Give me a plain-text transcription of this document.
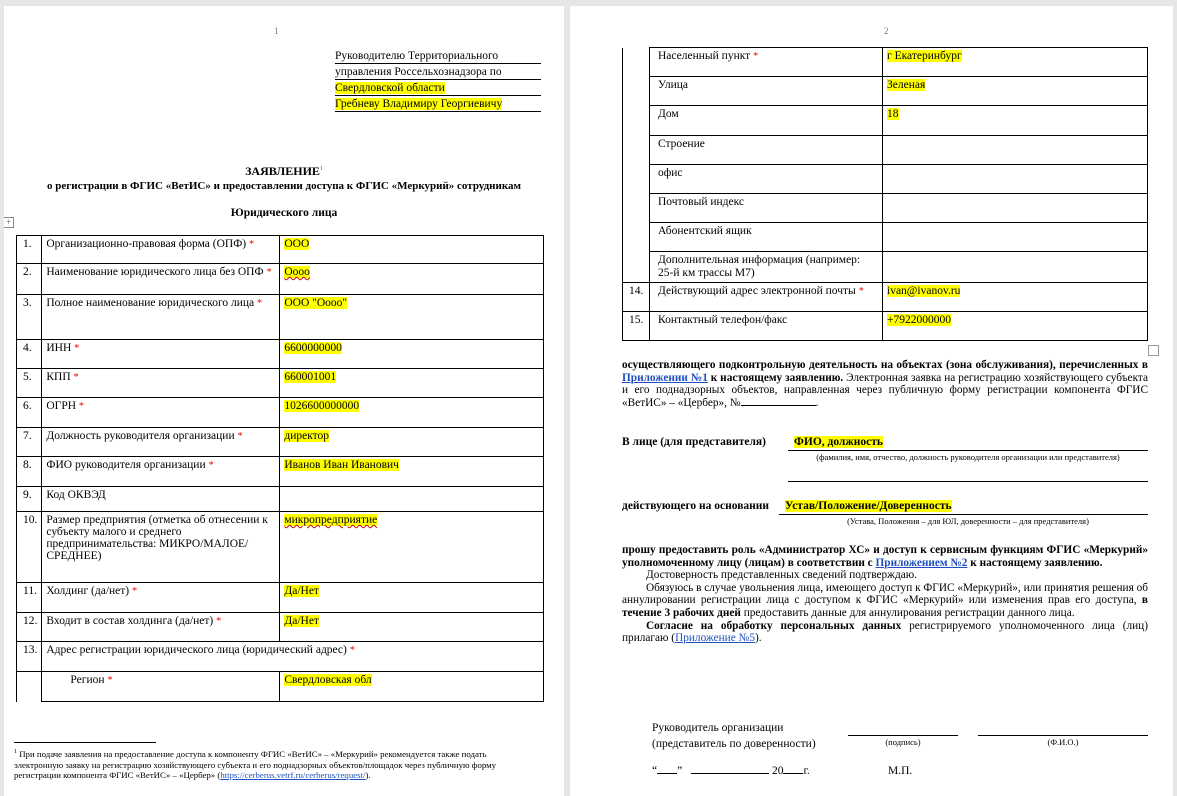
1
Руководителю Территориального
управления Россельхознадзора по
Свердловской области
Гребневу Владимиру Георгиевичу
ЗАЯВЛЕНИЕ$^1$
о регистрации в ФГИС «ВетИС» и предоставлении доступа к ФГИС «Меркурий» сотрудникам
Юридического лица
+
1.	Организационно-правовая форма (ОПФ) *	ООО
2.	Наименование юридического лица без ОПФ *	Оооо
3.	Полное наименование юридического лица *	ООО "Оооо"
4.	ИНН *	6600000000
5.	КПП *	660001001
6.	ОГРН *	1026600000000
7.	Должность руководителя организации *	директор
8.	ФИО руководителя организации *	Иванов Иван Иванович
9.	Код ОКВЭД	
10.	Размер предприятия (отметка об отнесении к субъекту малого и среднего предпринимательства: МИКРО/МАЛОЕ/СРЕДНЕЕ)	микропредприятие
11.	Холдинг (да/нет) *	Да/Нет
12.	Входит в состав холдинга (да/нет) *	Да/Нет
13.	Адрес регистрации юридического лица (юридический адрес) *	
	Регион *	Свердловская обл
$^1$ При подаче заявления на предоставление доступа к компоненту ФГИС «ВетИС» – «Меркурий» рекомендуется также подать электронную заявку на регистрацию хозяйствующего субъекта и его поднадзорных объектов/площадок через публичную форму регистрации компонента ФГИС «ВетИС» – «Цербер» (https://cerberus.vetrf.ru/cerberus/request/).
2
	Населенный пункт *	г Екатеринбург
	Улица	Зеленая
	Дом	18
	Строение	
	офис	
	Почтовый индекс	
	Абонентский ящик	
	Дополнительная информация (например: 25-й км трассы М7)	
14.	Действующий адрес электронной почты *	ivan@ivanov.ru
15.	Контактный телефон/факс	+7922000000
осуществляющего подконтрольную деятельность на объектах (зона обслуживания), перечисленных в Приложении №1 к настоящему заявлению. Электронная заявка на регистрацию хозяйствующего субъекта и его поднадзорных объектов, направленная через публичную форму регистрации компонента ФГИС «ВетИС» – «Цербер», №	.
В лице (для представителя)	ФИО, должность
(фамилия, имя, отчество, должность руководителя организации или представителя)
действующего на основании	Устав/Положение/Доверенность
(Устава, Положения – для ЮЛ, доверенности – для представителя)
прошу предоставить роль «Администратор ХС» и доступ к сервисным функциям ФГИС «Меркурий» уполномоченному лицу (лицам) в соответствии с Приложением №2 к настоящему заявлению.
Достоверность представленных сведений подтверждаю.
Обязуюсь в случае увольнения лица, имеющего доступ к ФГИС «Меркурий», или принятия решения об аннулировании регистрации лица с доступом к ФГИС «Меркурий» или изменения прав его доступа, в течение 3 рабочих дней предоставить данные для аннулирования регистрации данного лица.
Согласие на обработку персональных данных регистрируемого уполномоченного лица (лиц) прилагаю (Приложение №5).
Руководитель организации
(представитель по доверенности)	(подпись)	(Ф.И.О.)
“ ”	20 г.	М.П.
